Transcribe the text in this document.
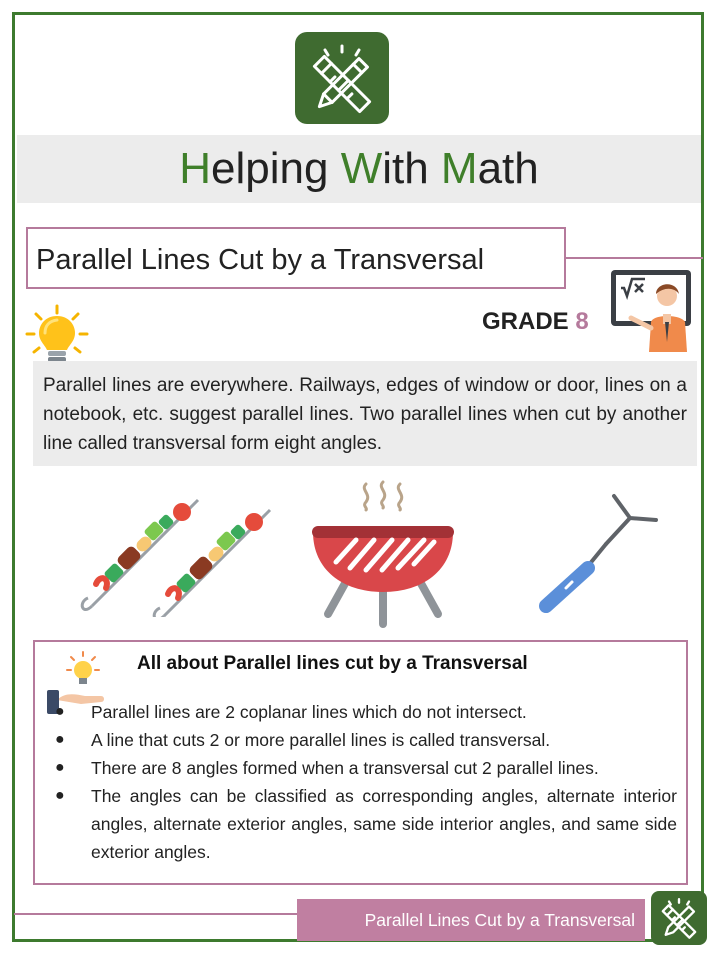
Helping With Math
Parallel Lines Cut by a Transversal
GRADE 8

Parallel lines are everywhere. Railways, edges of window or door, lines on a notebook, etc. suggest parallel lines. Two parallel lines when cut by another line called transversal form eight angles.

All about Parallel lines cut by a Transversal
● Parallel lines are 2 coplanar lines which do not intersect.
● A line that cuts 2 or more parallel lines is called transversal.
● There are 8 angles formed when a transversal cut 2 parallel lines.
● The angles can be classified as corresponding angles, alternate interior angles, alternate exterior angles, same side interior angles, and same side exterior angles.
Parallel Lines Cut by a Transversal
